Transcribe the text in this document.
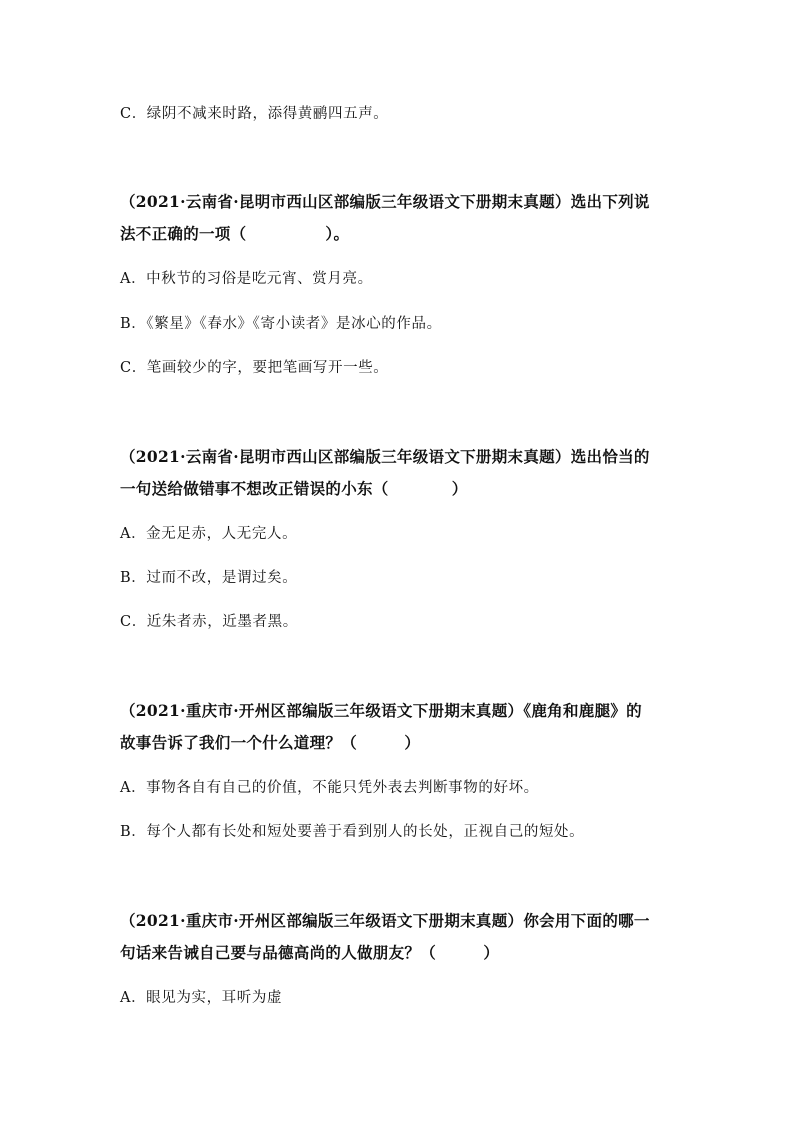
C．绿阴不减来时路，添得黄鹂四五声。
（2021·云南省·昆明市西山区部编版三年级语文下册期末真题）选出下列说
法不正确的一项（　　　　　）。
A．中秋节的习俗是吃元宵、赏月亮。
B．《繁星》《春水》《寄小读者》是冰心的作品。
C．笔画较少的字，要把笔画写开一些。
（2021·云南省·昆明市西山区部编版三年级语文下册期末真题）选出恰当的
一句送给做错事不想改正错误的小东（　　　　）
A．金无足赤，人无完人。
B．过而不改，是谓过矣。
C．近朱者赤，近墨者黑。
（2021·重庆市·开州区部编版三年级语文下册期末真题）《鹿角和鹿腿》的
故事告诉了我们一个什么道理？（　　　）
A．事物各自有自己的价值，不能只凭外表去判断事物的好坏。
B．每个人都有长处和短处要善于看到别人的长处，正视自己的短处。
（2021·重庆市·开州区部编版三年级语文下册期末真题）你会用下面的哪一
句话来告诫自己要与品德高尚的人做朋友？（　　　）
A．眼见为实，耳听为虚
